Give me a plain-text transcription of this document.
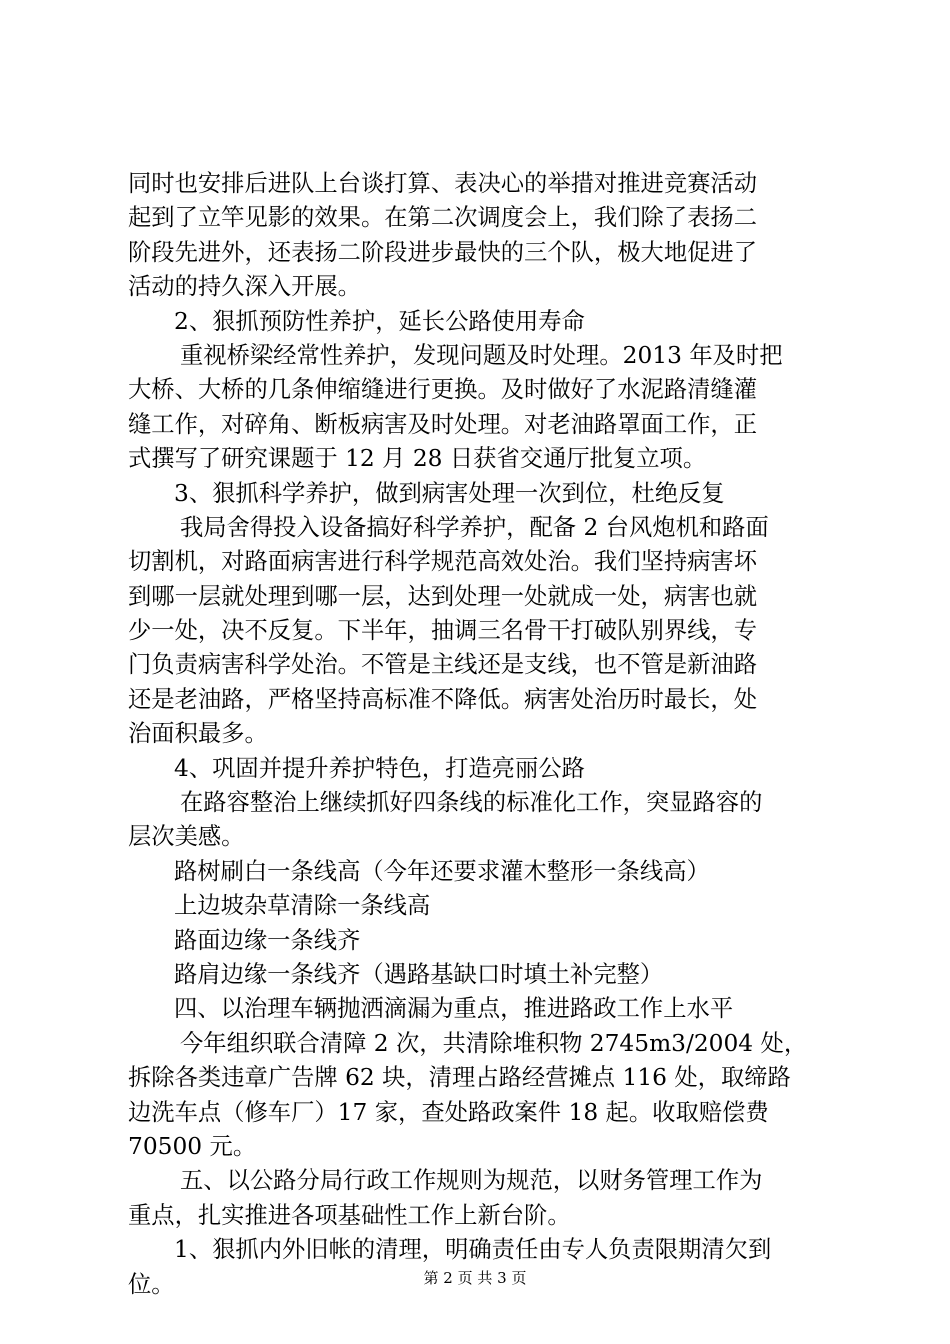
同时也安排后进队上台谈打算、表决心的举措对推进竞赛活动
起到了立竿见影的效果。在第二次调度会上，我们除了表扬二
阶段先进外，还表扬二阶段进步最快的三个队，极大地促进了
活动的持久深入开展。
2、狠抓预防性养护，延长公路使用寿命
重视桥梁经常性养护，发现问题及时处理。2013 年及时把
大桥、大桥的几条伸缩缝进行更换。及时做好了水泥路清缝灌
缝工作，对碎角、断板病害及时处理。对老油路罩面工作，正
式撰写了研究课题于 12 月 28 日获省交通厅批复立项。
3、狠抓科学养护，做到病害处理一次到位，杜绝反复
我局舍得投入设备搞好科学养护，配备 2 台风炮机和路面
切割机，对路面病害进行科学规范高效处治。我们坚持病害坏
到哪一层就处理到哪一层，达到处理一处就成一处，病害也就
少一处，决不反复。下半年，抽调三名骨干打破队别界线，专
门负责病害科学处治。不管是主线还是支线，也不管是新油路
还是老油路，严格坚持高标准不降低。病害处治历时最长，处
治面积最多。
4、巩固并提升养护特色，打造亮丽公路
在路容整治上继续抓好四条线的标准化工作，突显路容的
层次美感。
路树刷白一条线高（今年还要求灌木整形一条线高）
上边坡杂草清除一条线高
路面边缘一条线齐
路肩边缘一条线齐（遇路基缺口时填土补完整）
四、以治理车辆抛洒滴漏为重点，推进路政工作上水平
今年组织联合清障 2 次，共清除堆积物 2745m3/2004 处，
拆除各类违章广告牌 62 块，清理占路经营摊点 116 处，取缔路
边洗车点（修车厂）17 家，查处路政案件 18 起。收取赔偿费
70500 元。
五、以公路分局行政工作规则为规范，以财务管理工作为
重点，扎实推进各项基础性工作上新台阶。
1、狠抓内外旧帐的清理，明确责任由专人负责限期清欠到
位。	第 2 页 共 3 页
